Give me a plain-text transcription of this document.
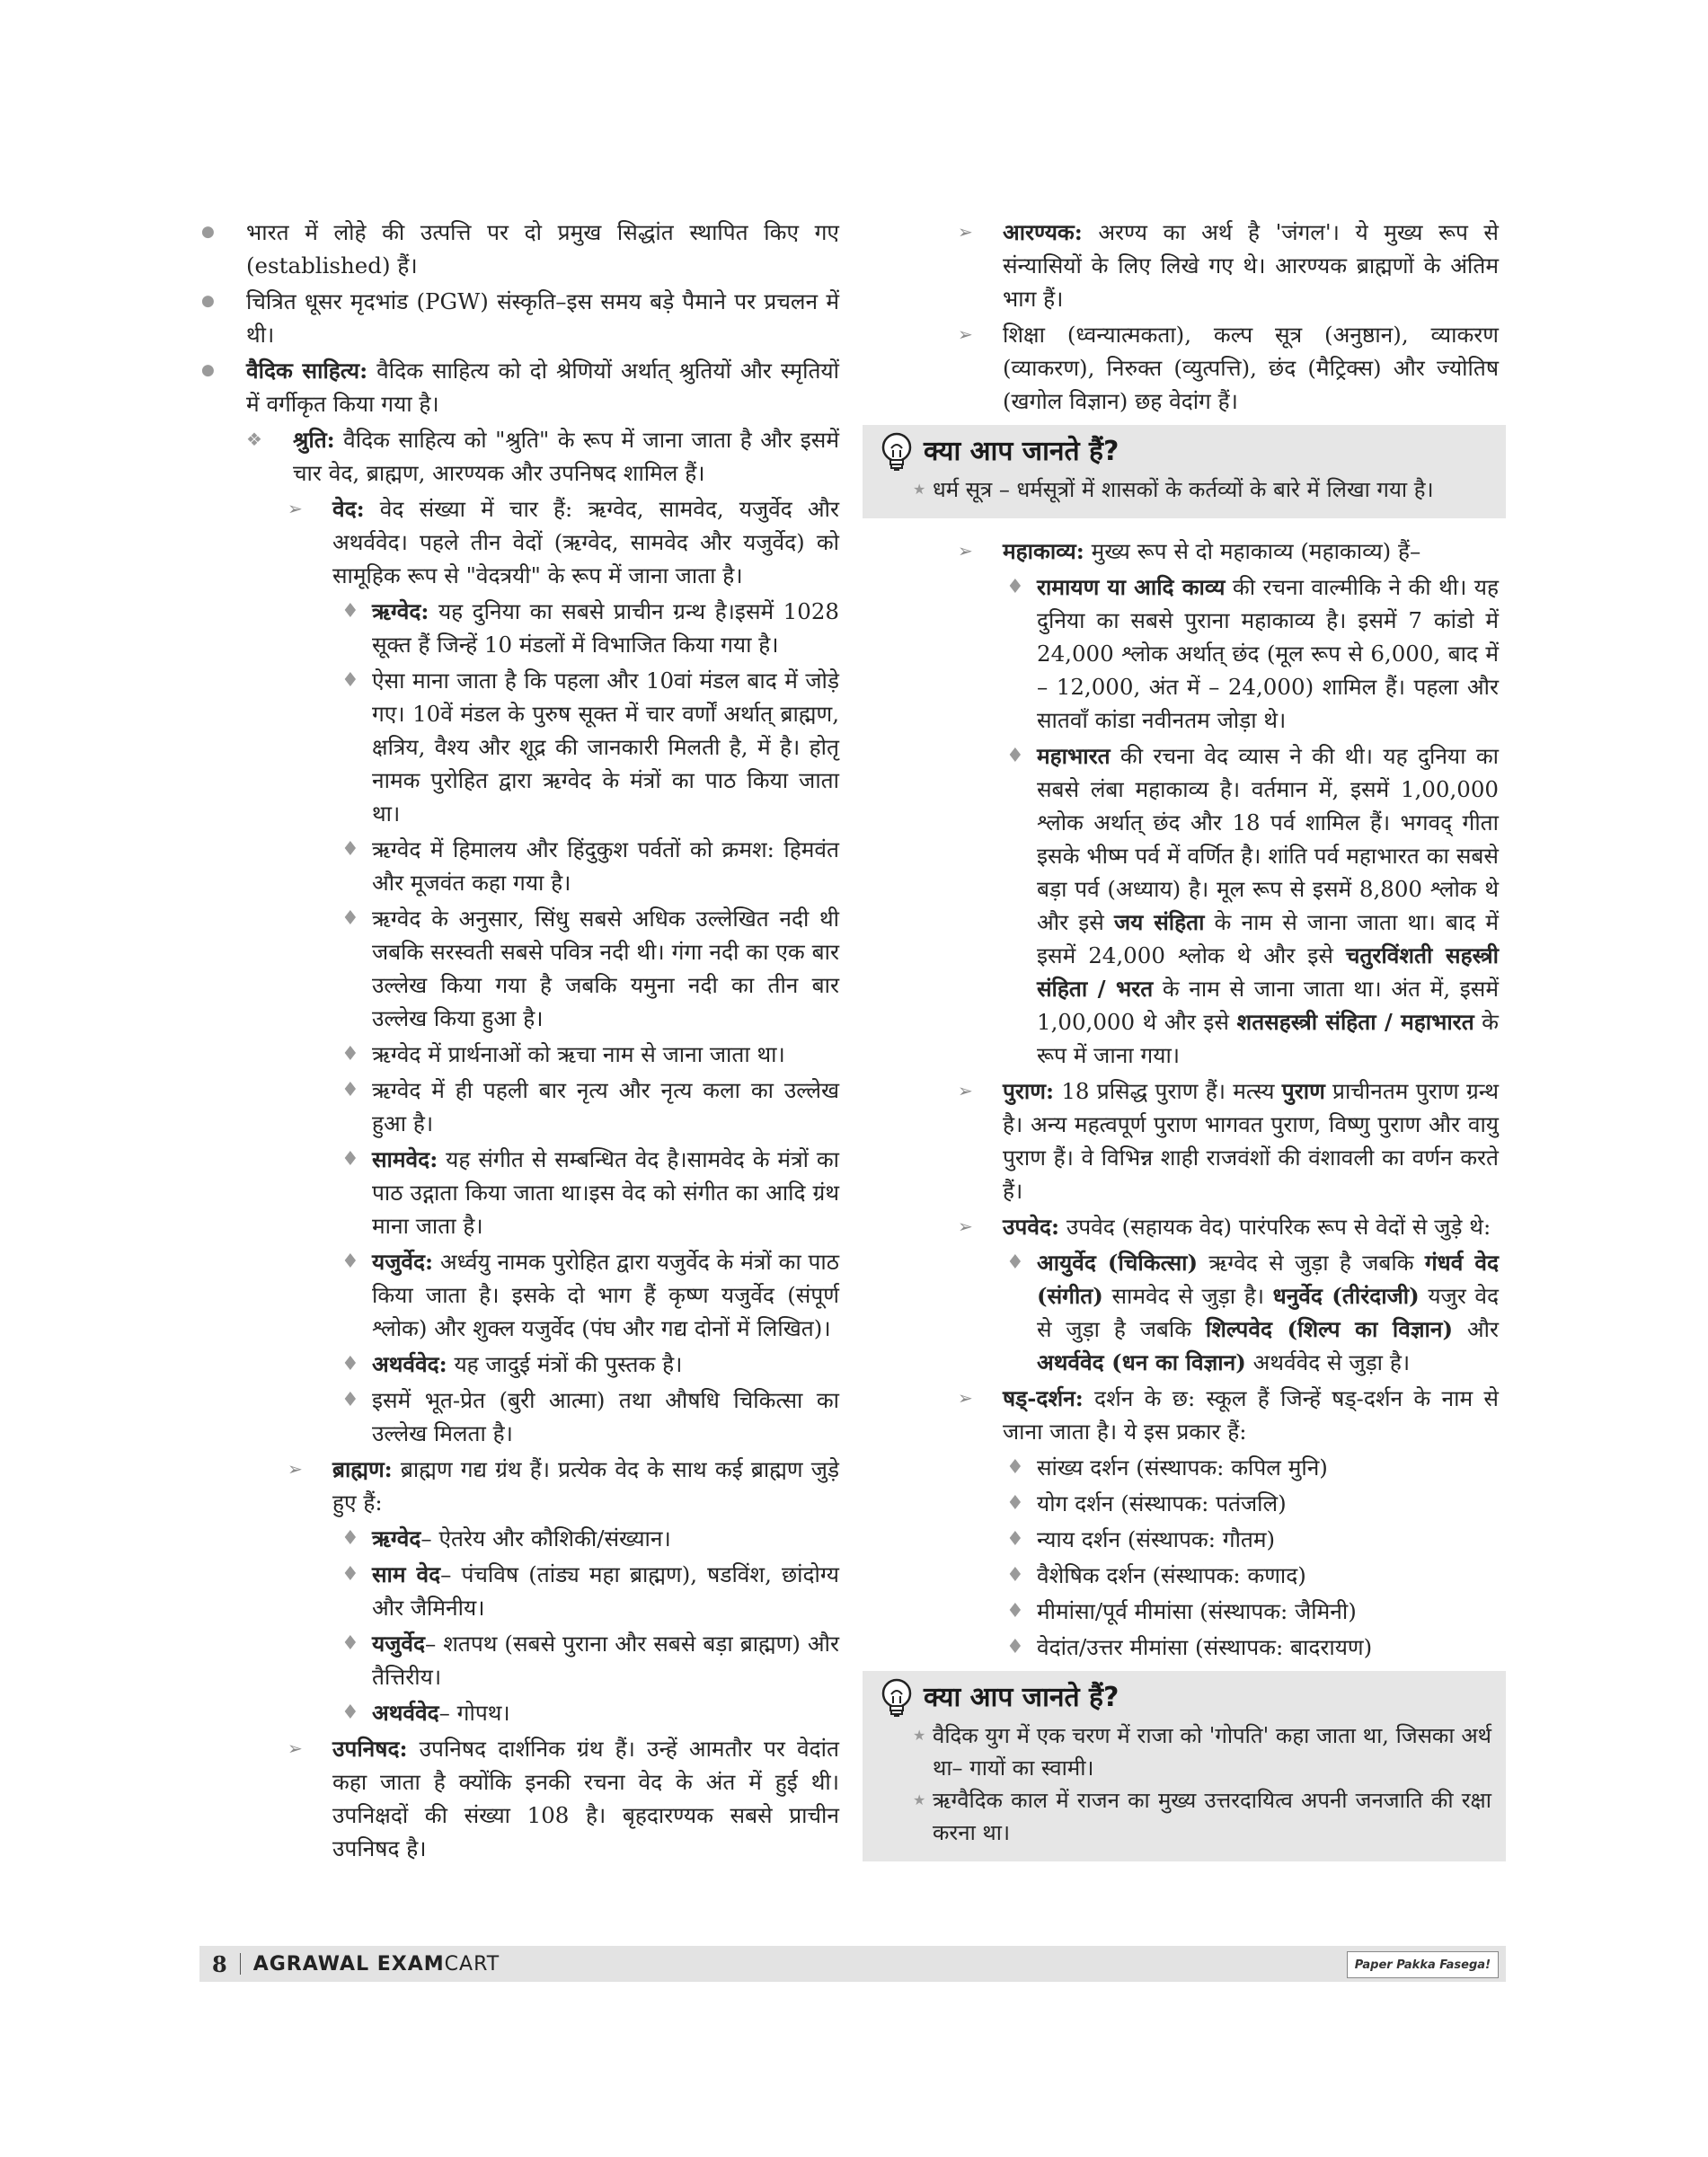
● भारत में लोहे की उत्पत्ति पर दो प्रमुख सिद्धांत स्थापित किए गए (established) हैं।
● चित्रित धूसर मृदभांड (PGW) संस्कृति–इस समय बड़े पैमाने पर प्रचलन में थी।
● वैदिक साहित्य: वैदिक साहित्य को दो श्रेणियों अर्थात् श्रुतियों और स्मृतियों में वर्गीकृत किया गया है।
❖ श्रुति: वैदिक साहित्य को "श्रुति" के रूप में जाना जाता है और इसमें चार वेद, ब्राह्मण, आरण्यक और उपनिषद शामिल हैं।
➢ वेद: वेद संख्या में चार हैं: ऋग्वेद, सामवेद, यजुर्वेद और अथर्ववेद। पहले तीन वेदों (ऋग्वेद, सामवेद और यजुर्वेद) को सामूहिक रूप से "वेदत्रयी" के रूप में जाना जाता है।
♦ ऋग्वेद: यह दुनिया का सबसे प्राचीन ग्रन्थ है।इसमें 1028 सूक्त हैं जिन्हें 10 मंडलों में विभाजित किया गया है।
♦ ऐसा माना जाता है कि पहला और 10वां मंडल बाद में जोड़े गए। 10वें मंडल के पुरुष सूक्त में चार वर्णों अर्थात् ब्राह्मण, क्षत्रिय, वैश्य और शूद्र की जानकारी मिलती है, में है। होतृ नामक पुरोहित द्वारा ऋग्वेद के मंत्रों का पाठ किया जाता था।
♦ ऋग्वेद में हिमालय और हिंदुकुश पर्वतों को क्रमश: हिमवंत और मूजवंत कहा गया है।
♦ ऋग्वेद के अनुसार, सिंधु सबसे अधिक उल्लेखित नदी थी जबकि सरस्वती सबसे पवित्र नदी थी। गंगा नदी का एक बार उल्लेख किया गया है जबकि यमुना नदी का तीन बार उल्लेख किया हुआ है।
♦ ऋग्वेद में प्रार्थनाओं को ऋचा नाम से जाना जाता था।
♦ ऋग्वेद में ही पहली बार नृत्य और नृत्य कला का उल्लेख हुआ है।
♦ सामवेद: यह संगीत से सम्बन्धित वेद है।सामवेद के मंत्रों का पाठ उद्गाता किया जाता था।इस वेद को संगीत का आदि ग्रंथ माना जाता है।
♦ यजुर्वेद: अर्ध्वयु नामक पुरोहित द्वारा यजुर्वेद के मंत्रों का पाठ किया जाता है। इसके दो भाग हैं कृष्ण यजुर्वेद (संपूर्ण श्लोक) और शुक्ल यजुर्वेद (पंघ और गद्य दोनों में लिखित)।
♦ अथर्ववेद: यह जादुई मंत्रों की पुस्तक है।
♦ इसमें भूत-प्रेत (बुरी आत्मा) तथा औषधि चिकित्सा का उल्लेख मिलता है।
➢ ब्राह्मण: ब्राह्मण गद्य ग्रंथ हैं। प्रत्येक वेद के साथ कई ब्राह्मण जुड़े हुए हैं:
♦ ऋग्वेद– ऐतरेय और कौशिकी/संख्यान।
♦ साम वेद– पंचविष (तांड्य महा ब्राह्मण), षडविंश, छांदोग्य और जैमिनीय।
♦ यजुर्वेद– शतपथ (सबसे पुराना और सबसे बड़ा ब्राह्मण) और तैत्तिरीय।
♦ अथर्ववेद– गोपथ।
➢ उपनिषद: उपनिषद दार्शनिक ग्रंथ हैं। उन्हें आमतौर पर वेदांत कहा जाता है क्योंकि इनकी रचना वेद के अंत में हुई थी। उपनिक्षदों की संख्या 108 है। बृहदारण्यक सबसे प्राचीन उपनिषद है।
➢ आरण्यक: अरण्य का अर्थ है 'जंगल'। ये मुख्य रूप से संन्यासियों के लिए लिखे गए थे। आरण्यक ब्राह्मणों के अंतिम भाग हैं।
➢ शिक्षा (ध्वन्यात्मकता), कल्प सूत्र (अनुष्ठान), व्याकरण (व्याकरण), निरुक्त (व्युत्पत्ति), छंद (मैट्रिक्स) और ज्योतिष (खगोल विज्ञान) छह वेदांग हैं।
क्या आप जानते हैं?
★ धर्म सूत्र – धर्मसूत्रों में शासकों के कर्तव्यों के बारे में लिखा गया है।
➢ महाकाव्य: मुख्य रूप से दो महाकाव्य (महाकाव्य) हैं–
♦ रामायण या आदि काव्य की रचना वाल्मीकि ने की थी। यह दुनिया का सबसे पुराना महाकाव्य है। इसमें 7 कांडो में 24,000 श्लोक अर्थात् छंद (मूल रूप से 6,000, बाद में – 12,000, अंत में – 24,000) शामिल हैं। पहला और सातवाँ कांडा नवीनतम जोड़ा थे।
♦ महाभारत की रचना वेद व्यास ने की थी। यह दुनिया का सबसे लंबा महाकाव्य है। वर्तमान में, इसमें 1,00,000 श्लोक अर्थात् छंद और 18 पर्व शामिल हैं। भगवद् गीता इसके भीष्म पर्व में वर्णित है। शांति पर्व महाभारत का सबसे बड़ा पर्व (अध्याय) है। मूल रूप से इसमें 8,800 श्लोक थे और इसे जय संहिता के नाम से जाना जाता था। बाद में इसमें 24,000 श्लोक थे और इसे चतुरविंशती सहस्त्री संहिता / भरत के नाम से जाना जाता था। अंत में, इसमें 1,00,000 थे और इसे शतसहस्त्री संहिता / महाभारत के रूप में जाना गया।
➢ पुराण: 18 प्रसिद्ध पुराण हैं। मत्स्य पुराण प्राचीनतम पुराण ग्रन्थ है। अन्य महत्वपूर्ण पुराण भागवत पुराण, विष्णु पुराण और वायु पुराण हैं। वे विभिन्न शाही राजवंशों की वंशावली का वर्णन करते हैं।
➢ उपवेद: उपवेद (सहायक वेद) पारंपरिक रूप से वेदों से जुड़े थे:
♦ आयुर्वेद (चिकित्सा) ऋग्वेद से जुड़ा है जबकि गंधर्व वेद (संगीत) सामवेद से जुड़ा है। धनुर्वेद (तीरंदाजी) यजुर वेद से जुड़ा है जबकि शिल्पवेद (शिल्प का विज्ञान) और अथर्ववेद (धन का विज्ञान) अथर्ववेद से जुड़ा है।
➢ षड्-दर्शन: दर्शन के छ: स्कूल हैं जिन्हें षड्-दर्शन के नाम से जाना जाता है। ये इस प्रकार हैं:
♦ सांख्य दर्शन (संस्थापक: कपिल मुनि)
♦ योग दर्शन (संस्थापक: पतंजलि)
♦ न्याय दर्शन (संस्थापक: गौतम)
♦ वैशेषिक दर्शन (संस्थापक: कणाद)
♦ मीमांसा/पूर्व मीमांसा (संस्थापक: जैमिनी)
♦ वेदांत/उत्तर मीमांसा (संस्थापक: बादरायण)
क्या आप जानते हैं?
★ वैदिक युग में एक चरण में राजा को 'गोपति' कहा जाता था, जिसका अर्थ था– गायों का स्वामी।
★ ऋग्वैदिक काल में राजन का मुख्य उत्तरदायित्व अपनी जनजाति की रक्षा करना था।
8 AGRAWAL EXAMCART	Paper Pakka Fasega!
